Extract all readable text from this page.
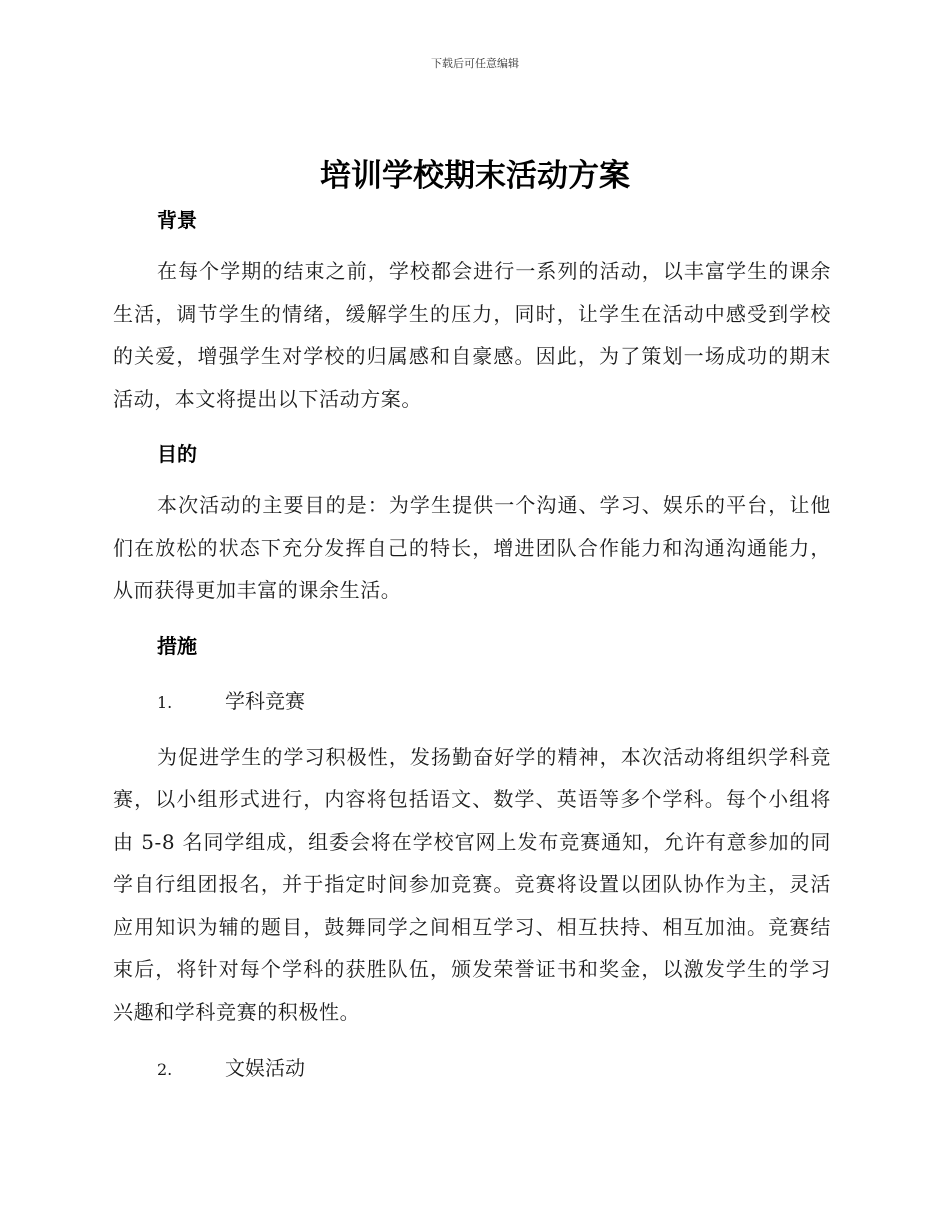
下载后可任意编辑
培训学校期末活动方案
背景

在每个学期的结束之前，学校都会进行一系列的活动，以丰富学生的课余生活，调节学生的情绪，缓解学生的压力，同时，让学生在活动中感受到学校的关爱，增强学生对学校的归属感和自豪感。因此，为了策划一场成功的期末活动，本文将提出以下活动方案。

目的

本次活动的主要目的是：为学生提供一个沟通、学习、娱乐的平台，让他们在放松的状态下充分发挥自己的特长，增进团队合作能力和沟通沟通能力，从而获得更加丰富的课余生活。

措施
1.	学科竞赛

为促进学生的学习积极性，发扬勤奋好学的精神，本次活动将组织学科竞赛，以小组形式进行，内容将包括语文、数学、英语等多个学科。每个小组将由 5-8 名同学组成，组委会将在学校官网上发布竞赛通知，允许有意参加的同学自行组团报名，并于指定时间参加竞赛。竞赛将设置以团队协作为主，灵活应用知识为辅的题目，鼓舞同学之间相互学习、相互扶持、相互加油。竞赛结束后，将针对每个学科的获胜队伍，颁发荣誉证书和奖金，以激发学生的学习兴趣和学科竞赛的积极性。

2.	文娱活动
